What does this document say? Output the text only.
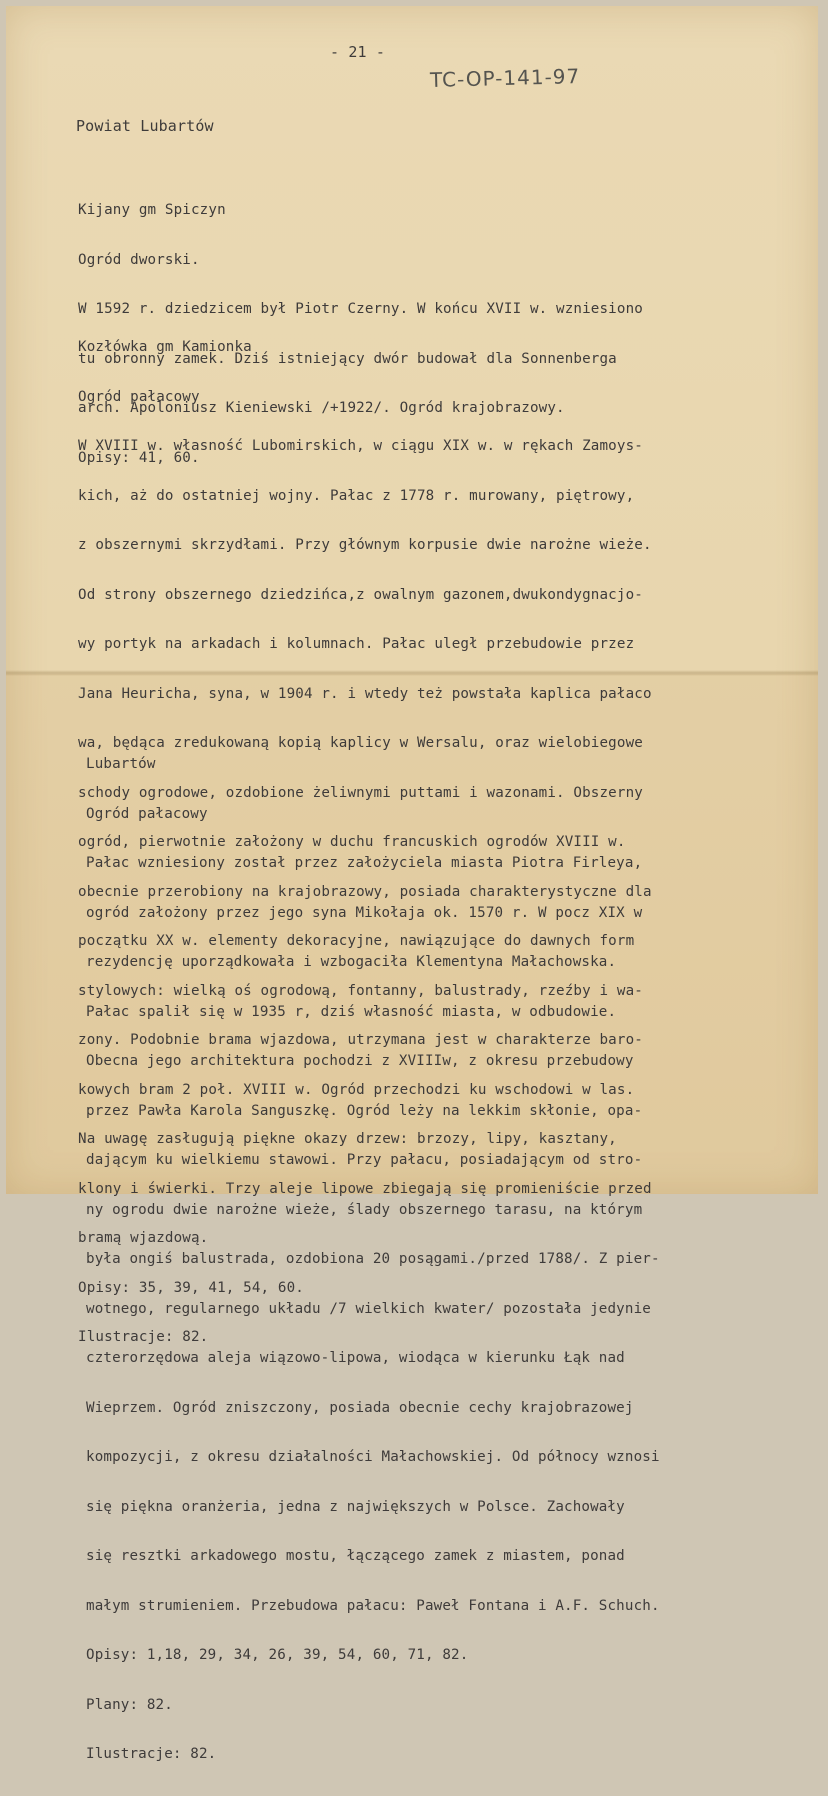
- 21 -
TC-OP-141-97
Powiat Lubartów

Kijany gm Spiczyn

Ogród dworski.

W 1592 r. dziedzicem był Piotr Czerny. W końcu XVII w. wzniesiono

tu obronny zamek. Dziś istniejący dwór budował dla Sonnenberga

arch. Apoloniusz Kieniewski /+1922/. Ogród krajobrazowy.

Opisy: 41, 60.

Kozłówka gm Kamionka

Ogród pałacowy

W XVIII w. własność Lubomirskich, w ciągu XIX w. w rękach Zamoys-

kich, aż do ostatniej wojny. Pałac z 1778 r. murowany, piętrowy,

z obszernymi skrzydłami. Przy głównym korpusie dwie narożne wieże.

Od strony obszernego dziedzińca,z owalnym gazonem,dwukondygnacjo-

wy portyk na arkadach i kolumnach. Pałac uległ przebudowie przez

Jana Heuricha, syna, w 1904 r. i wtedy też powstała kaplica pałaco

wa, będąca zredukowaną kopią kaplicy w Wersalu, oraz wielobiegowe

schody ogrodowe, ozdobione żeliwnymi puttami i wazonami. Obszerny

ogród, pierwotnie założony w duchu francuskich ogrodów XVIII w.

obecnie przerobiony na krajobrazowy, posiada charakterystyczne dla

początku XX w. elementy dekoracyjne, nawiązujące do dawnych form

stylowych: wielką oś ogrodową, fontanny, balustrady, rzeźby i wa-

zony. Podobnie brama wjazdowa, utrzymana jest w charakterze baro-

kowych bram 2 poł. XVIII w. Ogród przechodzi ku wschodowi w las.

Na uwagę zasługują piękne okazy drzew: brzozy, lipy, kasztany,

klony i świerki. Trzy aleje lipowe zbiegają się promieniście przed

bramą wjazdową.

Opisy: 35, 39, 41, 54, 60.

Ilustracje: 82.

Lubartów

Ogród pałacowy

Pałac wzniesiony został przez założyciela miasta Piotra Firleya,

ogród założony przez jego syna Mikołaja ok. 1570 r. W pocz XIX w

rezydencję uporządkowała i wzbogaciła Klementyna Małachowska.

Pałac spalił się w 1935 r, dziś własność miasta, w odbudowie.

Obecna jego architektura pochodzi z XVIIIw, z okresu przebudowy

przez Pawła Karola Sanguszkę. Ogród leży na lekkim skłonie, opa-

dającym ku wielkiemu stawowi. Przy pałacu, posiadającym od stro-

ny ogrodu dwie narożne wieże, ślady obszernego tarasu, na którym

była ongiś balustrada, ozdobiona 20 posągami./przed 1788/. Z pier-

wotnego, regularnego układu /7 wielkich kwater/ pozostała jedynie

czterorzędowa aleja wiązowo-lipowa, wiodąca w kierunku Łąk nad

Wieprzem. Ogród zniszczony, posiada obecnie cechy krajobrazowej

kompozycji, z okresu działalności Małachowskiej. Od północy wznosi

się piękna oranżeria, jedna z największych w Polsce. Zachowały

się resztki arkadowego mostu, łączącego zamek z miastem, ponad

małym strumieniem. Przebudowa pałacu: Paweł Fontana i A.F. Schuch.

Opisy: 1,18, 29, 34, 26, 39, 54, 60, 71, 82.

Plany: 82.

Ilustracje: 82.
